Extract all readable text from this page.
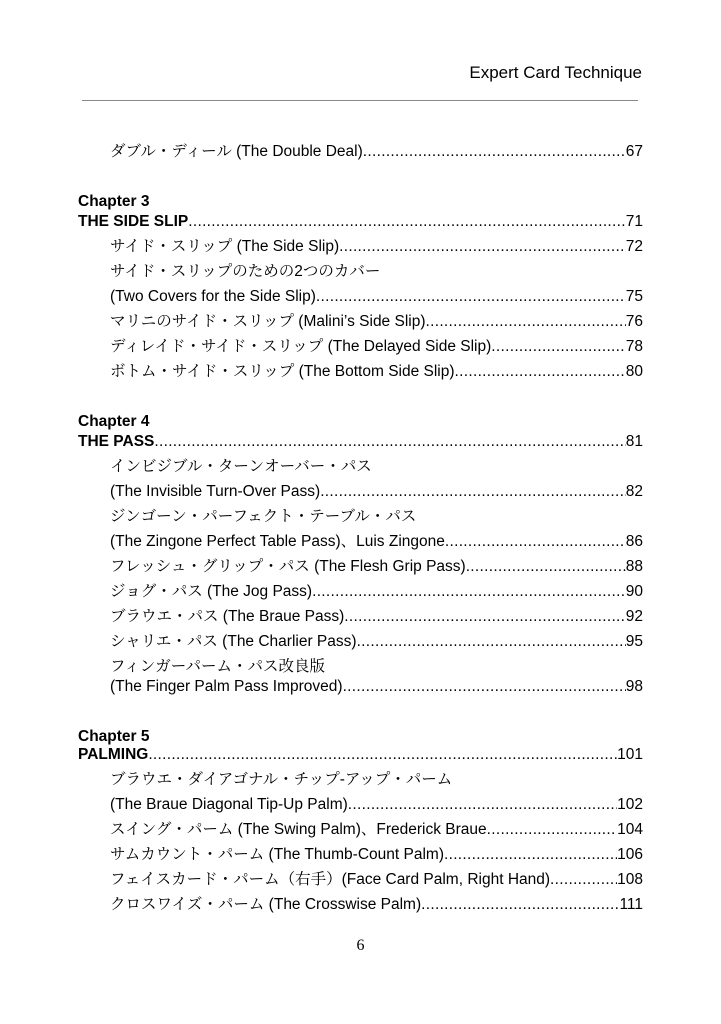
Expert Card Technique
ダブル・ディール (The Double Deal) .....	67
Chapter 3
THE SIDE SLIP .....	71
サイド・スリップ (The Side Slip) .....	72
サイド・スリップのための2つのカバー
(Two Covers for the Side Slip) .....	75
マリニのサイド・スリップ (Malini’s Side Slip) .....	76
ディレイド・サイド・スリップ (The Delayed Side Slip) .....	78
ボトム・サイド・スリップ (The Bottom Side Slip) .....	80
Chapter 4
THE PASS .....	81
インビジブル・ターンオーバー・パス
(The Invisible Turn-Over Pass) .....	82
ジンゴーン・パーフェクト・テーブル・パス
(The Zingone Perfect Table Pass)、Luis Zingone .....	86
フレッシュ・グリップ・パス (The Flesh Grip Pass) .....	88
ジョグ・パス (The Jog Pass) .....	90
ブラウエ・パス (The Braue Pass) .....	92
シャリエ・パス (The Charlier Pass) .....	95
フィンガーパーム・パス改良版
(The Finger Palm Pass Improved) .....	98
Chapter 5
PALMING .....	101
ブラウエ・ダイアゴナル・チップ-アップ・パーム
(The Braue Diagonal Tip-Up Palm) .....	102
スイング・パーム (The Swing Palm)、Frederick Braue .....	104
サムカウント・パーム (The Thumb-Count Palm) .....	106
フェイスカード・パーム（右手）(Face Card Palm, Right Hand) .....	108
クロスワイズ・パーム (The Crosswise Palm) .....	111
6
